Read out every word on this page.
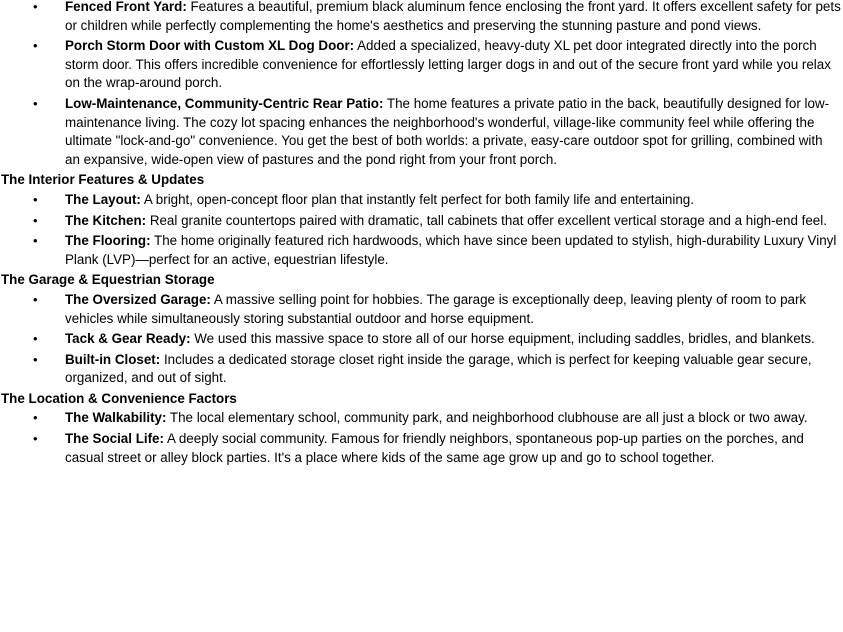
• Fenced Front Yard: Features a beautiful, premium black aluminum fence enclosing the front yard. It offers excellent safety for pets or children while perfectly complementing the home's aesthetics and preserving the stunning pasture and pond views.
• Porch Storm Door with Custom XL Dog Door: Added a specialized, heavy-duty XL pet door integrated directly into the porch storm door. This offers incredible convenience for effortlessly letting larger dogs in and out of the secure front yard while you relax on the wrap-around porch.
• Low-Maintenance, Community-Centric Rear Patio: The home features a private patio in the back, beautifully designed for low-maintenance living. The cozy lot spacing enhances the neighborhood's wonderful, village-like community feel while offering the ultimate "lock-and-go" convenience. You get the best of both worlds: a private, easy-care outdoor spot for grilling, combined with an expansive, wide-open view of pastures and the pond right from your front porch.
The Interior Features & Updates
• The Layout: A bright, open-concept floor plan that instantly felt perfect for both family life and entertaining.
• The Kitchen: Real granite countertops paired with dramatic, tall cabinets that offer excellent vertical storage and a high-end feel.
• The Flooring: The home originally featured rich hardwoods, which have since been updated to stylish, high-durability Luxury Vinyl Plank (LVP)—perfect for an active, equestrian lifestyle.
The Garage & Equestrian Storage
• The Oversized Garage: A massive selling point for hobbies. The garage is exceptionally deep, leaving plenty of room to park vehicles while simultaneously storing substantial outdoor and horse equipment.
• Tack & Gear Ready: We used this massive space to store all of our horse equipment, including saddles, bridles, and blankets.
• Built-in Closet: Includes a dedicated storage closet right inside the garage, which is perfect for keeping valuable gear secure, organized, and out of sight.
The Location & Convenience Factors
• The Walkability: The local elementary school, community park, and neighborhood clubhouse are all just a block or two away.
• The Social Life: A deeply social community. Famous for friendly neighbors, spontaneous pop-up parties on the porches, and casual street or alley block parties. It's a place where kids of the same age grow up and go to school together.
